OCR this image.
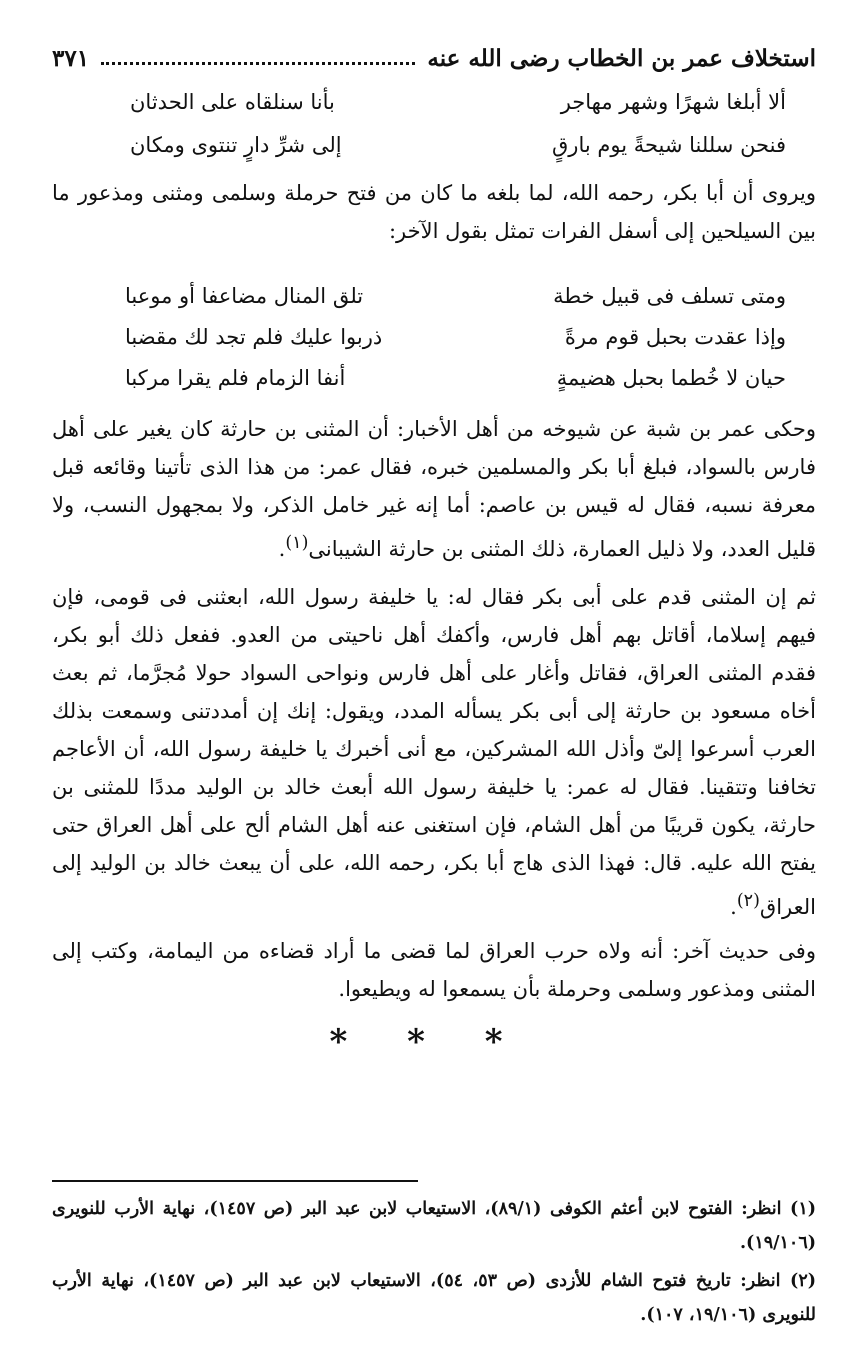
استخلاف عمر بن الخطاب رضى الله عنه
٣٧١
ألا أبلغا شهرًا وشهر مهاجر
بأنا سنلقاه على الحدثان
فنحن سللنا شيحةً يوم بارقٍ
إلى شرِّ دارٍ تنتوى ومكان
ويروى أن أبا بكر، رحمه الله، لما بلغه ما كان من فتح حرملة وسلمى ومثنى ومذعور ما بين السيلحين إلى أسفل الفرات تمثل بقول الآخر:
ومتى تسلف فى قبيل خطة
تلق المنال مضاعفا أو موعبا
وإذا عقدت بحبل قوم مرةً
ذربوا عليك فلم تجد لك مقضبا
حيان لا خُطما بحبل هضيمةٍ
أنفا الزمام فلم يقرا مركبا
وحكى عمر بن شبة عن شيوخه من أهل الأخبار: أن المثنى بن حارثة كان يغير على أهل فارس بالسواد، فبلغ أبا بكر والمسلمين خبره، فقال عمر: من هذا الذى تأتينا وقائعه قبل معرفة نسبه، فقال له قيس بن عاصم: أما إنه غير خامل الذكر، ولا بمجهول النسب، ولا قليل العدد، ولا ذليل العمارة، ذلك المثنى بن حارثة الشيبانى$^{(١)}$.
ثم إن المثنى قدم على أبى بكر فقال له: يا خليفة رسول الله، ابعثنى فى قومى، فإن فيهم إسلاما، أقاتل بهم أهل فارس، وأكفك أهل ناحيتى من العدو. ففعل ذلك أبو بكر، فقدم المثنى العراق، فقاتل وأغار على أهل فارس ونواحى السواد حولا مُجرَّما، ثم بعث أخاه مسعود بن حارثة إلى أبى بكر يسأله المدد، ويقول: إنك إن أمددتنى وسمعت بذلك العرب أسرعوا إلىّ وأذل الله المشركين، مع أنى أخبرك يا خليفة رسول الله، أن الأعاجم تخافنا وتتقينا. فقال له عمر: يا خليفة رسول الله أبعث خالد بن الوليد مددًا للمثنى بن حارثة، يكون قريبًا من أهل الشام، فإن استغنى عنه أهل الشام ألح على أهل العراق حتى يفتح الله عليه. قال: فهذا الذى هاج أبا بكر، رحمه الله، على أن يبعث خالد بن الوليد إلى العراق$^{(٢)}$.
وفى حديث آخر: أنه ولاه حرب العراق لما قضى ما أراد قضاءه من اليمامة، وكتب إلى المثنى ومذعور وسلمى وحرملة بأن يسمعوا له ويطيعوا.
* * *
(١) انظر: الفتوح لابن أعثم الكوفى (٨٩/١)، الاستيعاب لابن عبد البر (ص ١٤٥٧)، نهاية الأرب للنويرى (١٩/١٠٦).
(٢) انظر: تاريخ فتوح الشام للأزدى (ص ٥٣، ٥٤)، الاستيعاب لابن عبد البر (ص ١٤٥٧)، نهاية الأرب للنويرى (١٩/١٠٦، ١٠٧).
